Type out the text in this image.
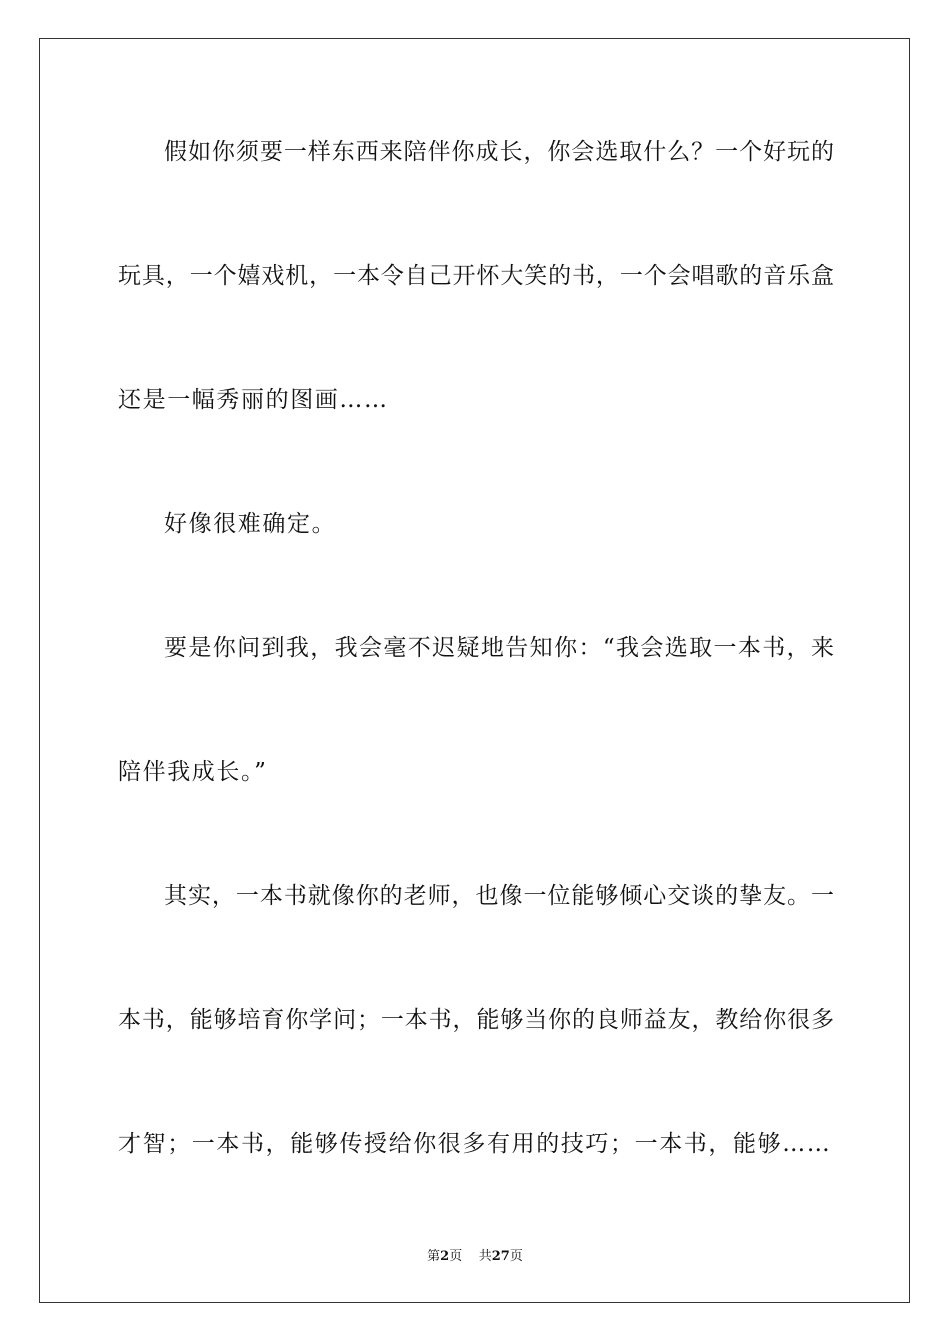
假如你须要一样东西来陪伴你成长，你会选取什么？一个好玩的
玩具，一个嬉戏机，一本令自己开怀大笑的书，一个会唱歌的音乐盒
还是一幅秀丽的图画……
好像很难确定。
要是你问到我，我会毫不迟疑地告知你：“我会选取一本书，来
陪伴我成长。”
其实，一本书就像你的老师，也像一位能够倾心交谈的挚友。一
本书，能够培育你学问；一本书，能够当你的良师益友，教给你很多
才智；一本书，能够传授给你很多有用的技巧；一本书，能够……
第2页 共27页
